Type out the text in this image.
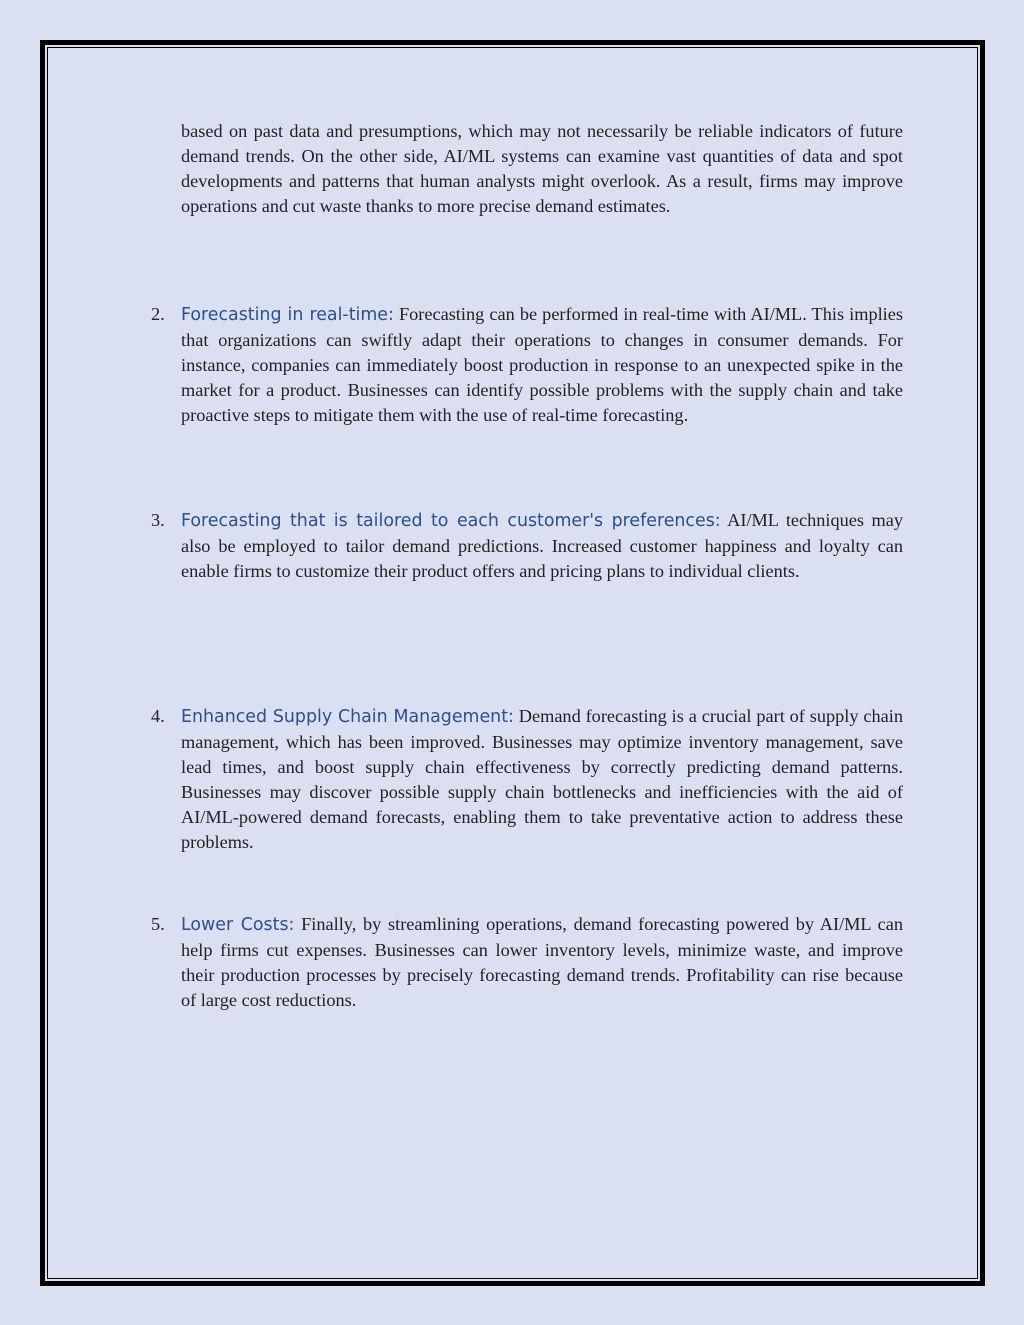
based on past data and presumptions, which may not necessarily be reliable indicators of future demand trends. On the other side, AI/ML systems can examine vast quantities of data and spot developments and patterns that human analysts might overlook. As a result, firms may improve operations and cut waste thanks to more precise demand estimates.

2. Forecasting in real-time: Forecasting can be performed in real-time with AI/ML. This implies that organizations can swiftly adapt their operations to changes in consumer demands. For instance, companies can immediately boost production in response to an unexpected spike in the market for a product. Businesses can identify possible problems with the supply chain and take proactive steps to mitigate them with the use of real-time forecasting.

3. Forecasting that is tailored to each customer's preferences: AI/ML techniques may also be employed to tailor demand predictions. Increased customer happiness and loyalty can enable firms to customize their product offers and pricing plans to individual clients.

4. Enhanced Supply Chain Management: Demand forecasting is a crucial part of supply chain management, which has been improved. Businesses may optimize inventory management, save lead times, and boost supply chain effectiveness by correctly predicting demand patterns. Businesses may discover possible supply chain bottlenecks and inefficiencies with the aid of AI/ML-powered demand forecasts, enabling them to take preventative action to address these problems.

5. Lower Costs: Finally, by streamlining operations, demand forecasting powered by AI/ML can help firms cut expenses. Businesses can lower inventory levels, minimize waste, and improve their production processes by precisely forecasting demand trends. Profitability can rise because of large cost reductions.
